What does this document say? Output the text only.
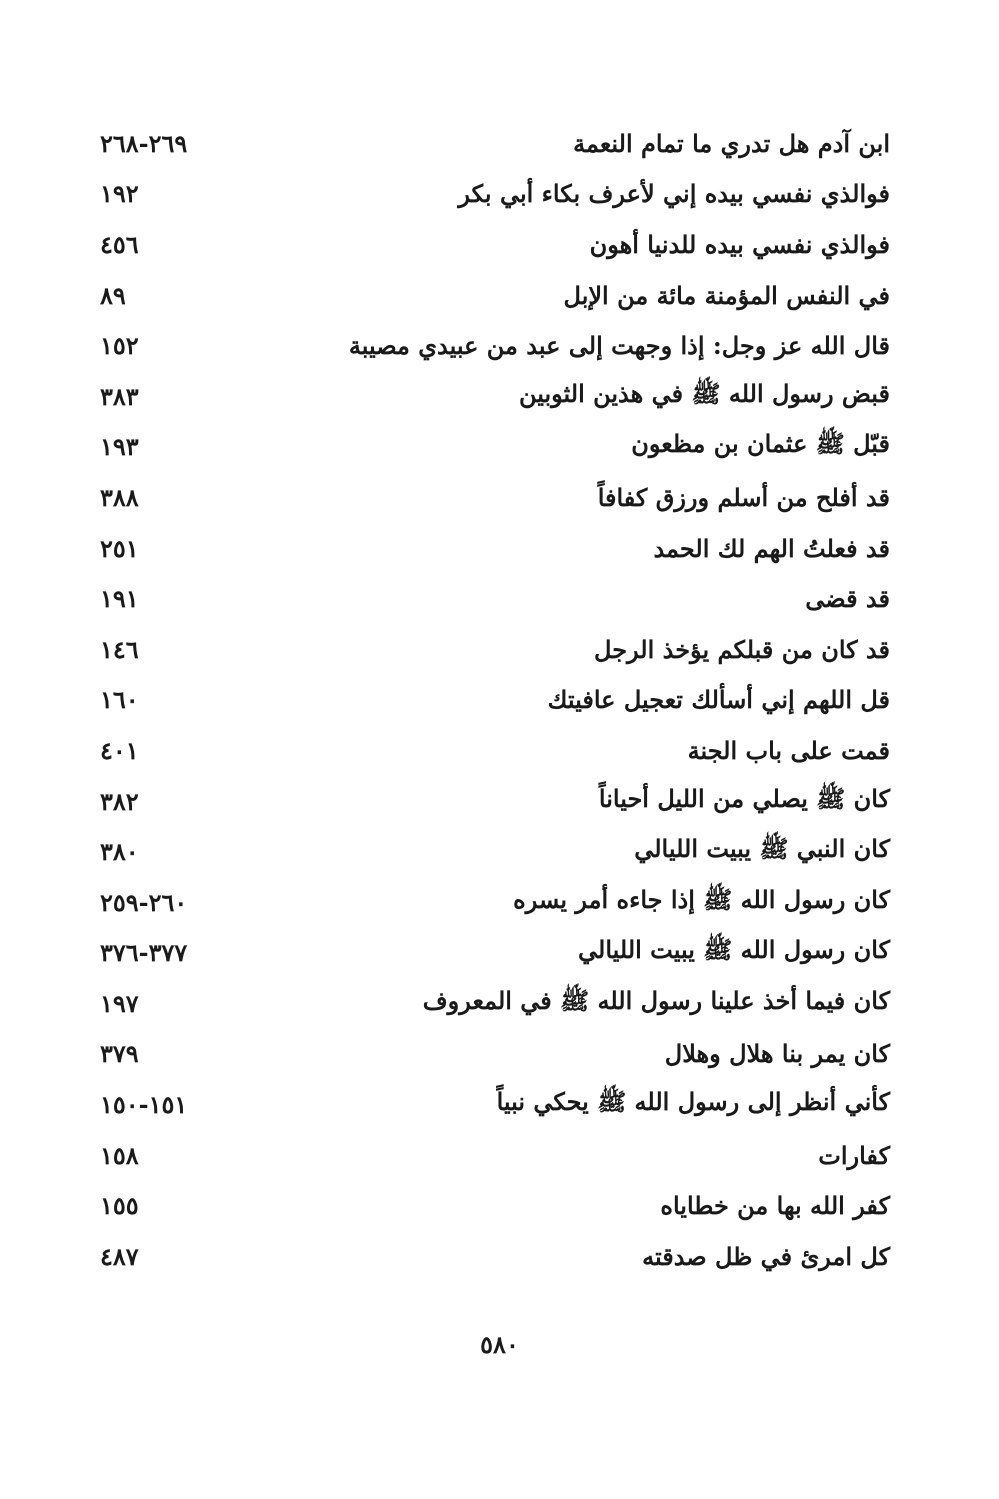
ابن آدم هل تدري ما تمام النعمة
٢٦٩-٢٦٨
فوالذي نفسي بيده إني لأعرف بكاء أبي بكر
١٩٢
فوالذي نفسي بيده للدنيا أهون
٤٥٦
في النفس المؤمنة مائة من الإبل
٨٩
قال الله عز وجل: إذا وجهت إلى عبد من عبيدي مصيبة
١٥٢
قبض رسول الله ﷺ في هذين الثوبين
٣٨٣
قبّل ﷺ عثمان بن مظعون
١٩٣
قد أفلح من أسلم ورزق كفافاً
٣٨٨
قد فعلتُ الهم لك الحمد
٢٥١
قد قضى
١٩١
قد كان من قبلكم يؤخذ الرجل
١٤٦
قل اللهم إني أسألك تعجيل عافيتك
١٦٠
قمت على باب الجنة
٤٠١
كان ﷺ يصلي من الليل أحياناً
٣٨٢
كان النبي ﷺ يبيت الليالي
٣٨٠
كان رسول الله ﷺ إذا جاءه أمر يسره
٢٦٠-٢٥٩
كان رسول الله ﷺ يبيت الليالي
٣٧٧-٣٧٦
كان فيما أخذ علينا رسول الله ﷺ في المعروف
١٩٧
كان يمر بنا هلال وهلال
٣٧٩
كأني أنظر إلى رسول الله ﷺ يحكي نبياً
١٥١-١٥٠
كفارات
١٥٨
كفر الله بها من خطاياه
١٥٥
كل امرئ في ظل صدقته
٤٨٧
٥٨٠
